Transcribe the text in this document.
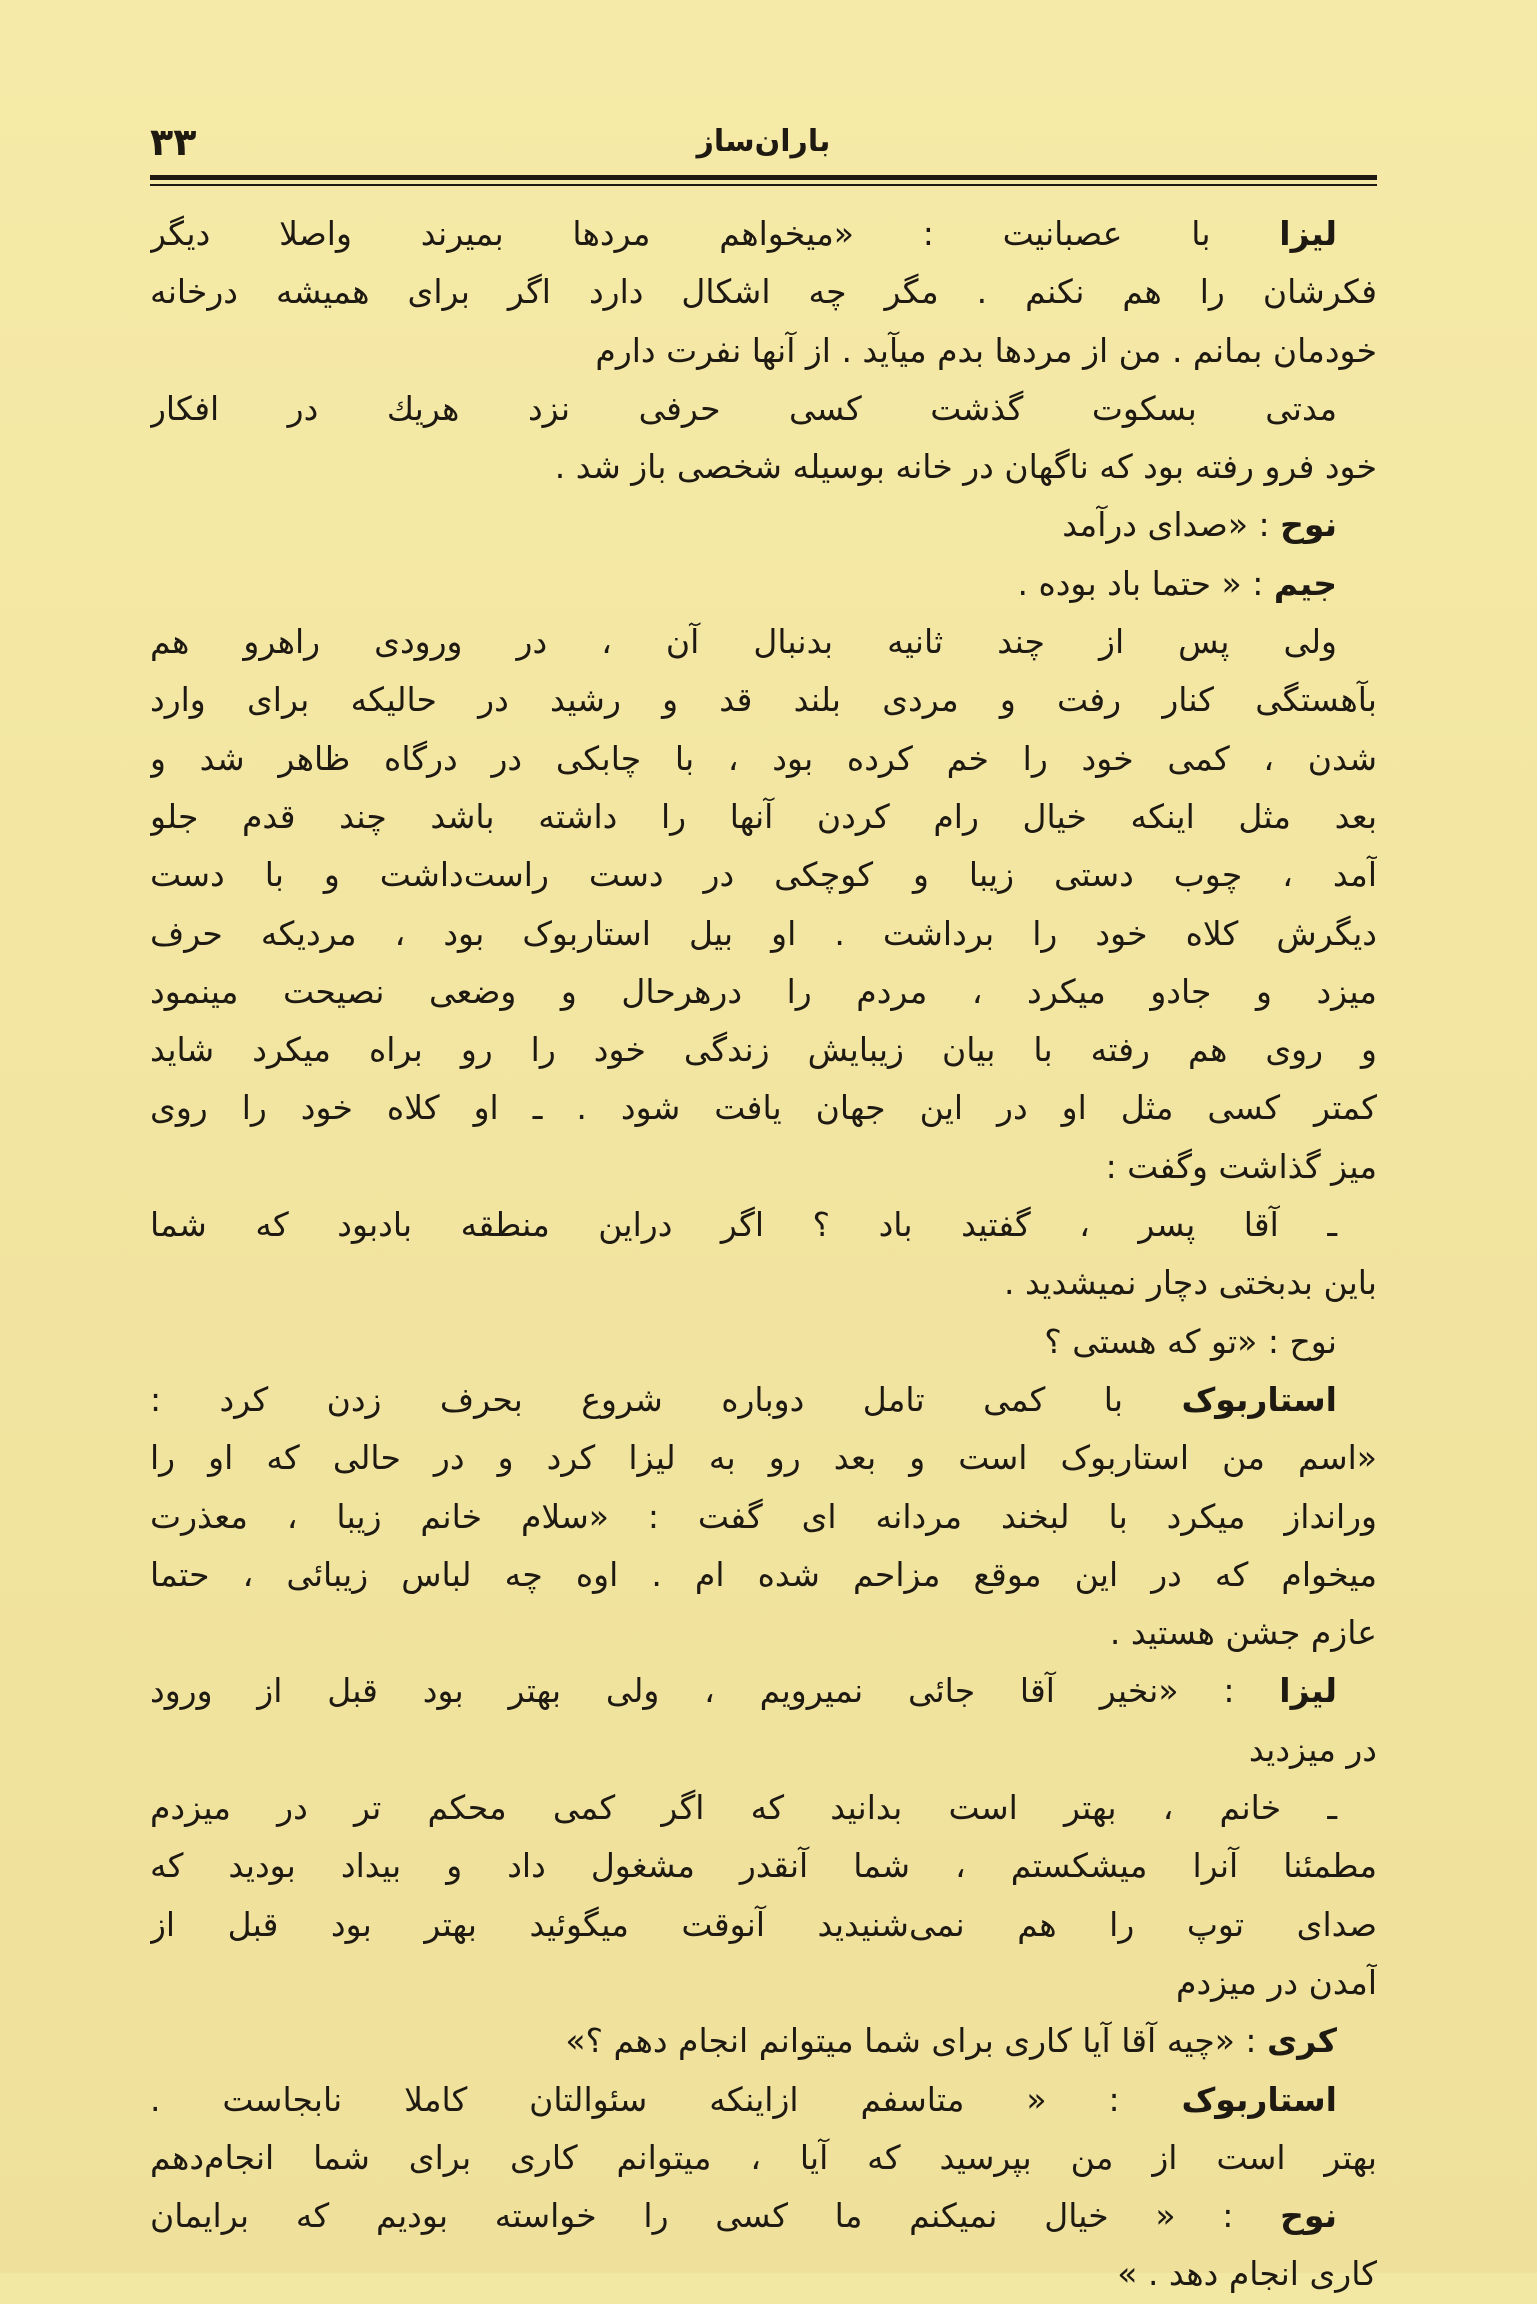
۳۳	باران‌ساز
لیزا با عصبانیت : «میخواهم مردها بمیرند واصلا دیگر
فکرشان را هم نکنم . مگر چه اشکال دارد اگر برای همیشه درخانه
خودمان بمانم . من از مردها بدم میآید . از آنها نفرت دارم
مدتی بسکوت گذشت کسی حرفی نزد هریك در افکار
خود فرو رفته بود که ناگهان در خانه بوسیله شخصی باز شد .
نوح : «صدای درآمد
جیم : « حتما باد بوده .
ولی پس از چند ثانیه بدنبال آن ، در ورودی راهرو هم
بآهستگی کنار رفت و مردی بلند قد و رشید در حالیکه برای وارد
شدن ، کمی خود را خم کرده بود ، با چابکی در درگاه ظاهر شد و
بعد مثل اینکه خیال رام کردن آنها را داشته باشد چند قدم جلو
آمد ، چوب دستی زیبا و کوچکی در دست راست‌داشت و با دست
دیگرش کلاه خود را برداشت . او بیل استاربوک بود ، مردیکه حرف
میزد و جادو میکرد ، مردم را درهرحال و وضعی نصیحت مینمود
و روی هم رفته با بیان زیبایش زندگی خود را رو براه میکرد شاید
کمتر کسی مثل او در این جهان یافت شود . ـ او کلاه خود را روی
میز گذاشت وگفت :
ـ آقا پسر ، گفتید باد ؟ اگر دراین منطقه بادبود که شما
باین بدبختی دچار نمیشدید .
نوح : «تو که هستی ؟
استاربوک با کمی تامل دوباره شروع بحرف زدن کرد :
«اسم من استاربوک است و بعد رو به لیزا کرد و در حالی که او را
ورانداز میکرد با لبخند مردانه ای گفت : «سلام خانم زیبا ، معذرت
میخوام که در این موقع مزاحم شده ام . اوه چه لباس زیبائی ، حتما
عازم جشن هستید .
لیزا : «نخیر آقا جائی نمیرویم ، ولی بهتر بود قبل از ورود
در میزدید
ـ خانم ، بهتر است بدانید که اگر کمی محکم تر در میزدم
مطمئنا آنرا میشکستم ، شما آنقدر مشغول داد و بیداد بودید که
صدای توپ را هم نمی‌شنیدید آنوقت میگوئید بهتر بود قبل از
آمدن در میزدم
کری : «چیه آقا آیا کاری برای شما میتوانم انجام دهم ؟»
استاربوک : « متاسفم ازاینکه سئوالتان کاملا نابجاست .
بهتر است از من بپرسید که آیا ، میتوانم کاری برای شما انجام‌دهم
نوح : « خیال نمیکنم ما کسی را خواسته بودیم که برایمان
کاری انجام دهد . »
